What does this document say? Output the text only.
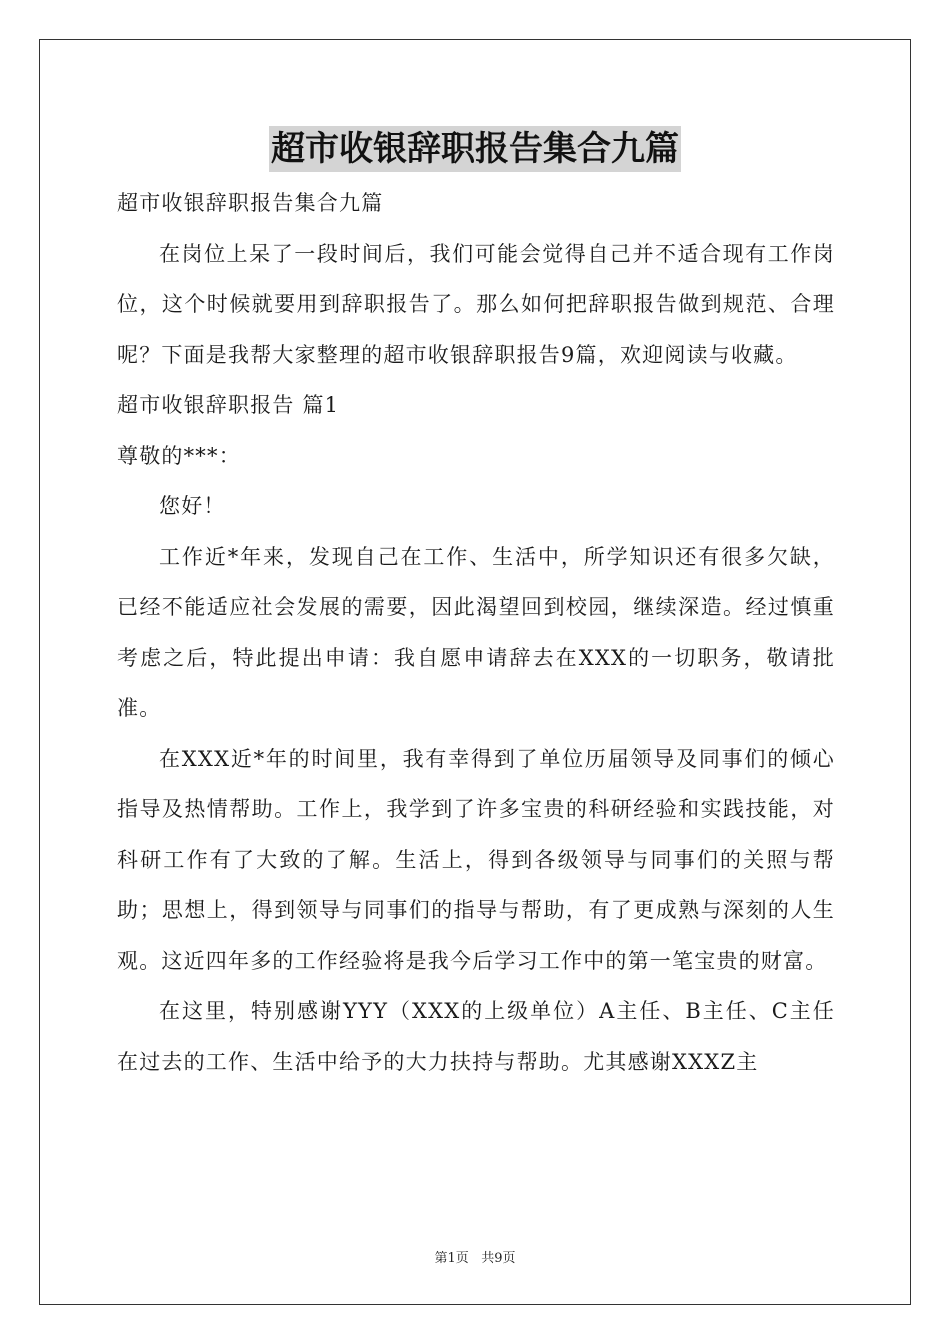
超市收银辞职报告集合九篇

超市收银辞职报告集合九篇

在岗位上呆了一段时间后，我们可能会觉得自己并不适合现有工作岗位，这个时候就要用到辞职报告了。那么如何把辞职报告做到规范、合理呢？下面是我帮大家整理的超市收银辞职报告9篇，欢迎阅读与收藏。

超市收银辞职报告 篇1

尊敬的***：

您好！

工作近*年来，发现自己在工作、生活中，所学知识还有很多欠缺，已经不能适应社会发展的需要，因此渴望回到校园，继续深造。经过慎重考虑之后，特此提出申请：我自愿申请辞去在XXX的一切职务，敬请批准。

在XXX近*年的时间里，我有幸得到了单位历届领导及同事们的倾心指导及热情帮助。工作上，我学到了许多宝贵的科研经验和实践技能，对科研工作有了大致的了解。生活上，得到各级领导与同事们的关照与帮助；思想上，得到领导与同事们的指导与帮助，有了更成熟与深刻的人生观。这近四年多的工作经验将是我今后学习工作中的第一笔宝贵的财富。

在这里，特别感谢YYY（XXX的上级单位）A主任、B主任、C主任在过去的工作、生活中给予的大力扶持与帮助。尤其感谢XXXZ主

第1页 共9页
